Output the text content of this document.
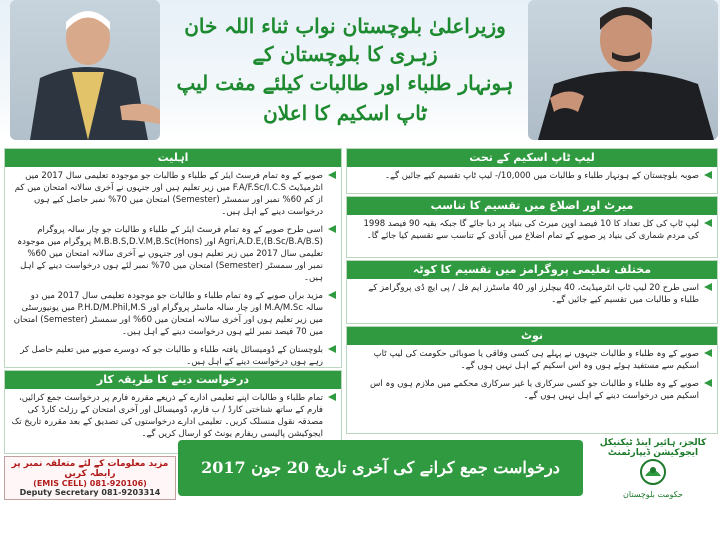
وزیراعلیٰ بلوچستان نواب ثناء اللہ خان زہری کا بلوچستان کے
ہونہار طلباء اور طالبات کیلئے مفت لیپ ٹاپ اسکیم کا اعلان
اہلیت
صوبے کے وہ تمام فرسٹ ایئر کے طلباء و طالبات جو موجودہ تعلیمی سال 2017 میں انٹرمیڈیٹ F.A/F.Sc/I.C.S میں زیر تعلیم ہیں اور جنہوں نے آخری سالانہ امتحان میں کم از کم 60% نمبر اور سمسٹر (Semester) امتحان میں 70% نمبر حاصل کیے ہوں درخواست دینے کے اہل ہیں۔
اسی طرح صوبے کے وہ تمام فرسٹ ایئر کے طلباء و طالبات جو چار سالہ پروگرام Agri,A.D.E,(B.Sc/B.A/B.S) اور M.B.B.S,D.V.M,B.Sc(Hons) پروگرام میں موجودہ تعلیمی سال 2017 میں زیر تعلیم ہوں اور جنہوں نے آخری سالانہ امتحان میں 60% نمبر اور سمسٹر (Semester) امتحان میں 70% نمبر لئے ہوں درخواست دینے کے اہل ہیں۔
مزید براں صوبے کے وہ تمام طلباء و طالبات جو موجودہ تعلیمی سال 2017 میں دو سالہ M.A/M.Sc اور چار سالہ ماسٹر پروگرام اور P.H.D/M.Phil,M.S میں یونیورسٹی میں زیر تعلیم ہوں اور آخری سالانہ امتحان میں 60% اور سمسٹر (Semester) امتحان میں 70 فیصد نمبر لئے ہوں درخواست دینے کے اہل ہیں۔
بلوچستان کے ڈومیسائل یافتہ طلباء و طالبات جو کہ دوسرے صوبے میں تعلیم حاصل کر رہے ہوں درخواست دینے کے اہل ہیں۔
درخواست دینے کا طریقہ کار
تمام طلباء و طالبات اپنے تعلیمی ادارے کے ذریعے مقررہ فارم پر درخواست جمع کرائیں، فارم کے ساتھ شناختی کارڈ / ب فارم، ڈومیسائل اور آخری امتحان کے رزلٹ کارڈ کی مصدقہ نقول منسلک کریں۔ تعلیمی ادارے درخواستوں کی تصدیق کے بعد مقررہ تاریخ تک ایجوکیشن پالیسی ریفارم یونٹ کو ارسال کریں گے۔
لیپ ٹاپ اسکیم کے تحت
صوبہ بلوچستان کے ہونہار طلباء و طالبات میں 10,000/- لیپ ٹاپ تقسیم کیے جائیں گے۔
میرٹ اور اضلاع میں تقسیم کا تناسب
لیپ ٹاپ کی کل تعداد کا 10 فیصد اوپن میرٹ کی بنیاد پر دیا جائے گا جبکہ بقیہ 90 فیصد 1998 کی مردم شماری کی بنیاد پر صوبے کے تمام اضلاع میں آبادی کے تناسب سے تقسیم کیا جائے گا۔
مختلف تعلیمی پروگرامز میں تقسیم کا کوٹہ
اسی طرح 20 لیپ ٹاپ انٹرمیڈیٹ، 40 بیچلرز اور 40 ماسٹرز ایم فل / پی ایچ ڈی پروگرامز کے طلباء و طالبات میں تقسیم کیے جائیں گے۔
نوٹ
صوبے کے وہ طلباء و طالبات جنہوں نے پہلے ہی کسی وفاقی یا صوبائی حکومت کی لیپ ٹاپ اسکیم سے مستفید ہوئے ہوں وہ اس اسکیم کے اہل نہیں ہوں گے۔
صوبے کے وہ طلباء و طالبات جو کسی سرکاری یا غیر سرکاری محکمے میں ملازم ہوں وہ اس اسکیم میں درخواست دینے کے اہل نہیں ہوں گے۔
مزید معلومات کے لئے متعلقہ نمبر پر رابطہ کریں
(EMIS CELL) 081-920106)
Deputy Secretary 081-9203314
درخواست جمع کرانے کی آخری تاریخ 20 جون 2017 ہوگی۔
کالجز، ہائیر اینڈ ٹیکنیکل ایجوکیشن ڈیپارٹمنٹ
حکومت بلوچستان
